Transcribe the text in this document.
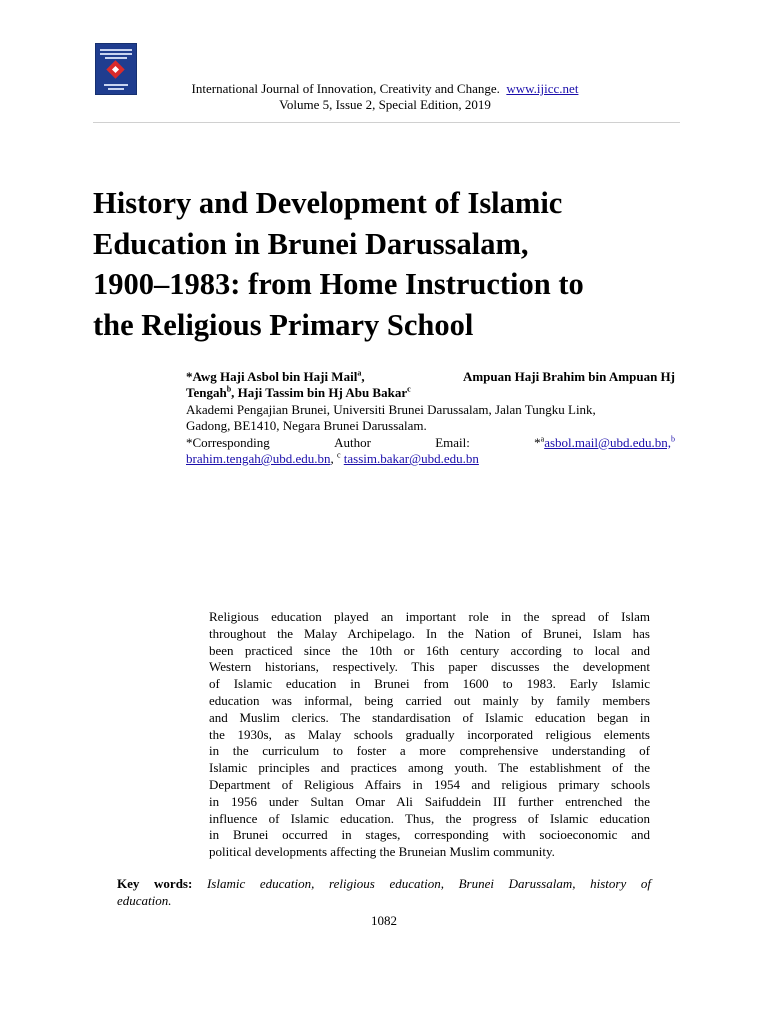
International Journal of Innovation, Creativity and Change. www.ijicc.net
Volume 5, Issue 2, Special Edition, 2019
History and Development of Islamic
Education in Brunei Darussalam,
1900–1983: from Home Instruction to
the Religious Primary School
*Awg Haji Asbol bin Haji Mail$^a$,	Ampuan Haji Brahim bin Ampuan Hj
Tengah$^b$, Haji Tassim bin Hj Abu Bakar$^c$
Akademi Pengajian Brunei, Universiti Brunei Darussalam, Jalan Tungku Link,
Gadong, BE1410, Negara Brunei Darussalam.
*Corresponding	Author	Email:	*$^a$asbol.mail@ubd.edu.bn,$^b$
brahim.tengah@ubd.edu.bn, $^c$ tassim.bakar@ubd.edu.bn
Religious education played an important role in the spread of Islam
throughout the Malay Archipelago. In the Nation of Brunei, Islam has
been practiced since the 10th or 16th century according to local and
Western historians, respectively. This paper discusses the development
of Islamic education in Brunei from 1600 to 1983. Early Islamic
education was informal, being carried out mainly by family members
and Muslim clerics. The standardisation of Islamic education began in
the 1930s, as Malay schools gradually incorporated religious elements
in the curriculum to foster a more comprehensive understanding of
Islamic principles and practices among youth. The establishment of the
Department of Religious Affairs in 1954 and religious primary schools
in 1956 under Sultan Omar Ali Saifuddein III further entrenched the
influence of Islamic education. Thus, the progress of Islamic education
in Brunei occurred in stages, corresponding with socioeconomic and
political developments affecting the Bruneian Muslim community.
Key words: Islamic education, religious education, Brunei Darussalam, history of
education.
1082
